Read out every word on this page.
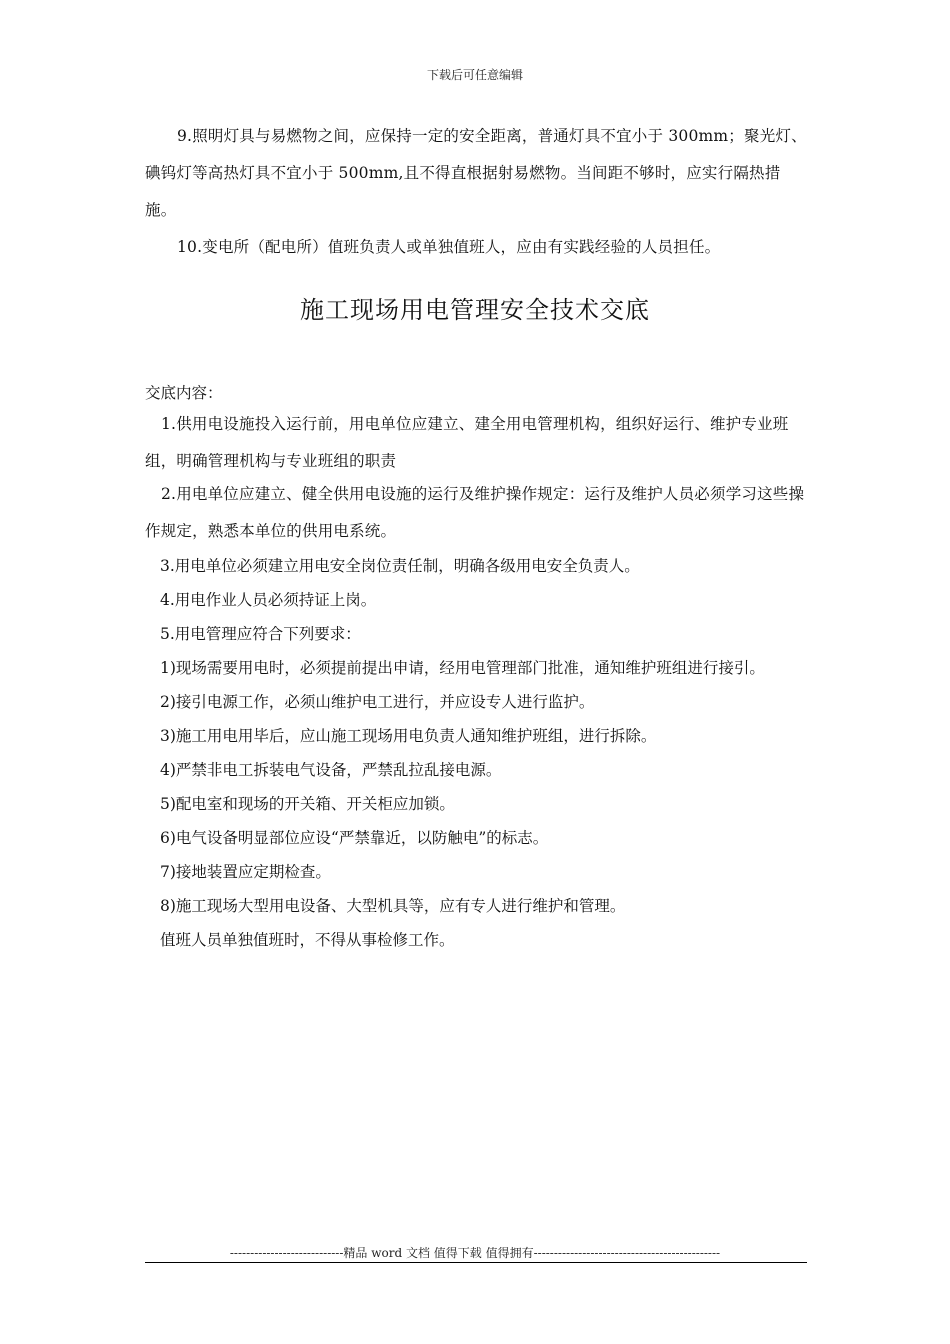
下载后可任意编辑
9.照明灯具与易燃物之间，应保持一定的安全距离，普通灯具不宜小于 300mm；聚光灯、碘钨灯等高热灯具不宜小于 500mm,且不得直根据射易燃物。当间距不够时，应实行隔热措施。
10.变电所（配电所）值班负责人或单独值班人，应由有实践经验的人员担任。
施工现场用电管理安全技术交底
交底内容：
1.供用电设施投入运行前，用电单位应建立、建全用电管理机构，组织好运行、维护专业班组，明确管理机构与专业班组的职责
2.用电单位应建立、健全供用电设施的运行及维护操作规定：运行及维护人员必须学习这些操作规定，熟悉本单位的供用电系统。
3.用电单位必须建立用电安全岗位责任制，明确各级用电安全负责人。
4.用电作业人员必须持证上岗。
5.用电管理应符合下列要求：
1)现场需要用电时，必须提前提出申请，经用电管理部门批准，通知维护班组进行接引。
2)接引电源工作，必须山维护电工进行，并应设专人进行监护。
3)施工用电用毕后，应山施工现场用电负责人通知维护班组，进行拆除。
4)严禁非电工拆装电气设备，严禁乱拉乱接电源。
5)配电室和现场的开关箱、开关柜应加锁。
6)电气设备明显部位应设“严禁靠近，以防触电”的标志。
7)接地装置应定期检查。
8)施工现场大型用电设备、大型机具等，应有专人进行维护和管理。
值班人员单独值班时，不得从事检修工作。
----------------------------精品 word 文档 值得下载 值得拥有----------------------------------------------
